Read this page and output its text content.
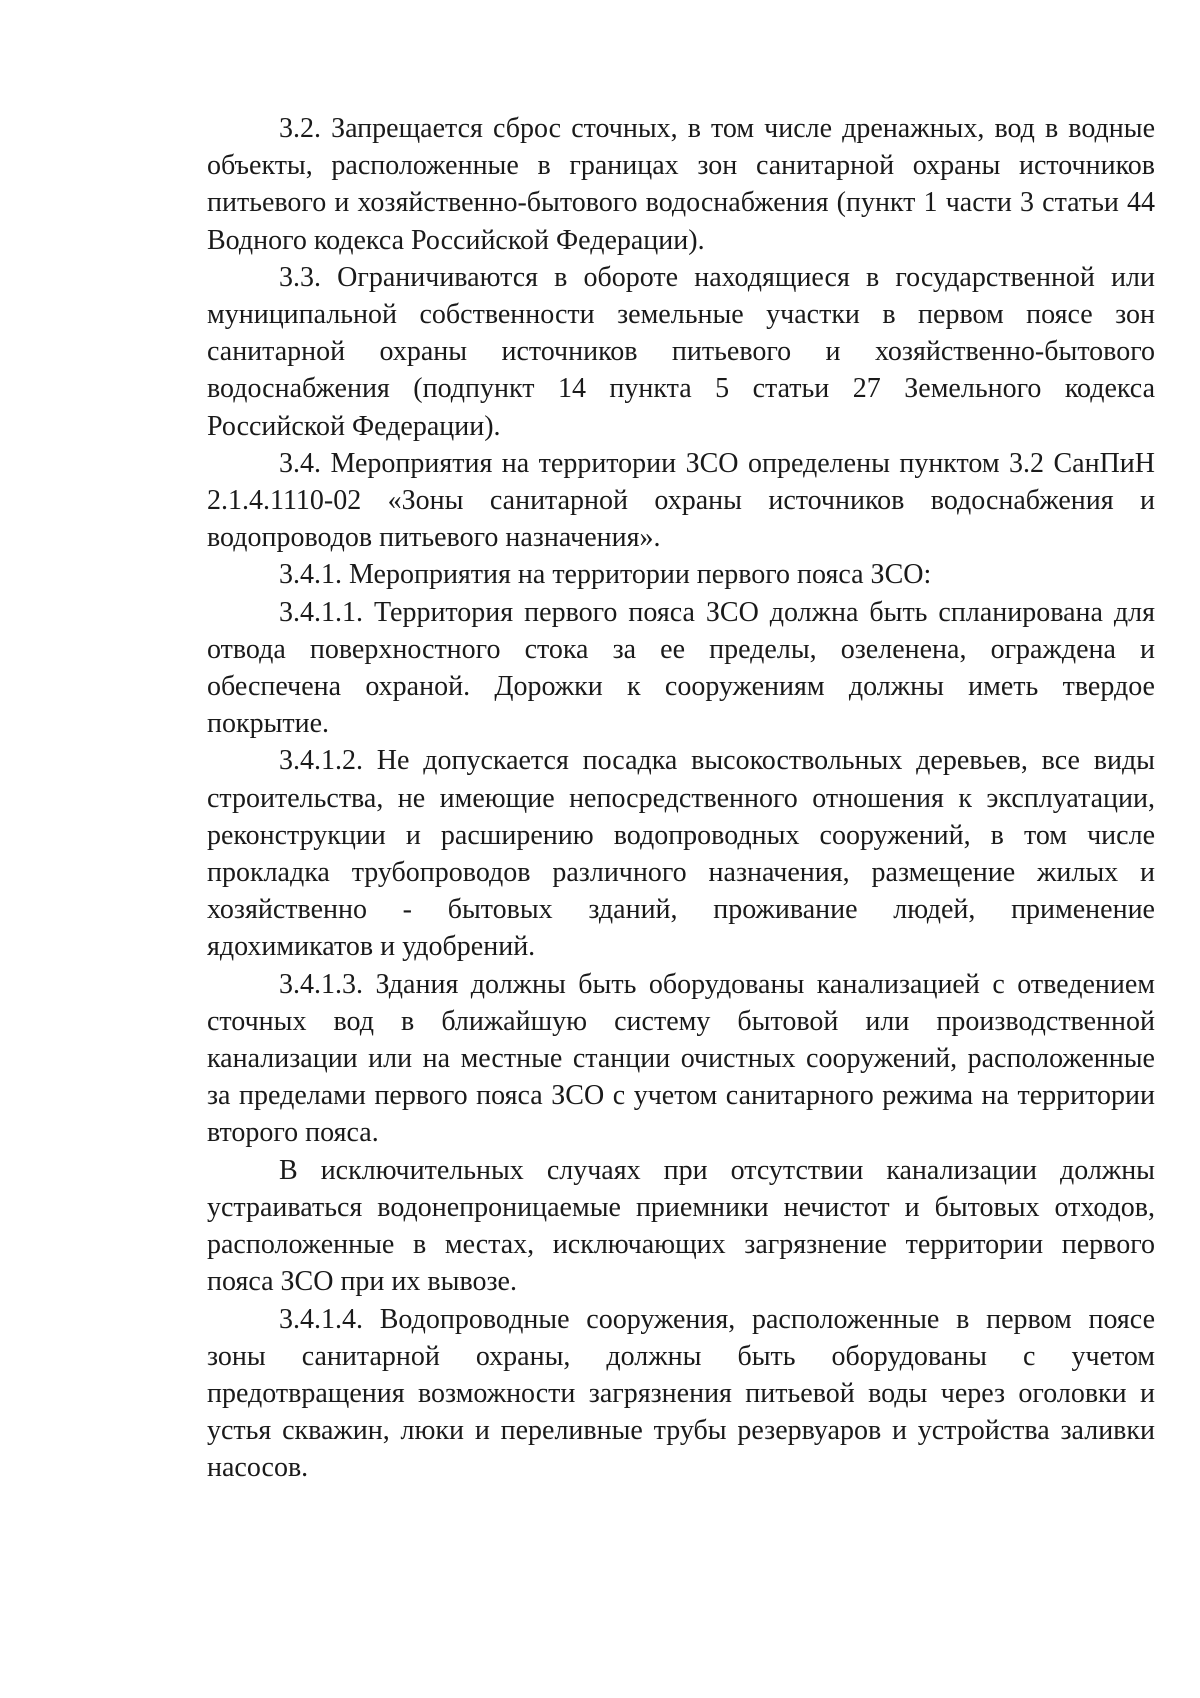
3.2. Запрещается сброс сточных, в том числе дренажных, вод в водные объекты, расположенные в границах зон санитарной охраны источников питьевого и хозяйственно-бытового водоснабжения (пункт 1 части 3 статьи 44 Водного кодекса Российской Федерации).

3.3. Ограничиваются в обороте находящиеся в государственной или муниципальной собственности земельные участки в первом поясе зон санитарной охраны источников питьевого и хозяйственно-бытового водоснабжения (подпункт 14 пункта 5 статьи 27 Земельного кодекса Российской Федерации).

3.4. Мероприятия на территории ЗСО определены пунктом 3.2 СанПиН 2.1.4.1110-02 «Зоны санитарной охраны источников водоснабжения и водопроводов питьевого назначения».

3.4.1. Мероприятия на территории первого пояса ЗСО:

3.4.1.1. Территория первого пояса ЗСО должна быть спланирована для отвода поверхностного стока за ее пределы, озеленена, ограждена и обеспечена охраной. Дорожки к сооружениям должны иметь твердое покрытие.

3.4.1.2. Не допускается посадка высокоствольных деревьев, все виды строительства, не имеющие непосредственного отношения к эксплуатации, реконструкции и расширению водопроводных сооружений, в том числе прокладка трубопроводов различного назначения, размещение жилых и хозяйственно - бытовых зданий, проживание людей, применение ядохимикатов и удобрений.

3.4.1.3. Здания должны быть оборудованы канализацией с отведением сточных вод в ближайшую систему бытовой или производственной канализации или на местные станции очистных сооружений, расположенные за пределами первого пояса ЗСО с учетом санитарного режима на территории второго пояса.

В исключительных случаях при отсутствии канализации должны устраиваться водонепроницаемые приемники нечистот и бытовых отходов, расположенные в местах, исключающих загрязнение территории первого пояса ЗСО при их вывозе.

3.4.1.4. Водопроводные сооружения, расположенные в первом поясе зоны санитарной охраны, должны быть оборудованы с учетом предотвращения возможности загрязнения питьевой воды через оголовки и устья скважин, люки и переливные трубы резервуаров и устройства заливки насосов.
